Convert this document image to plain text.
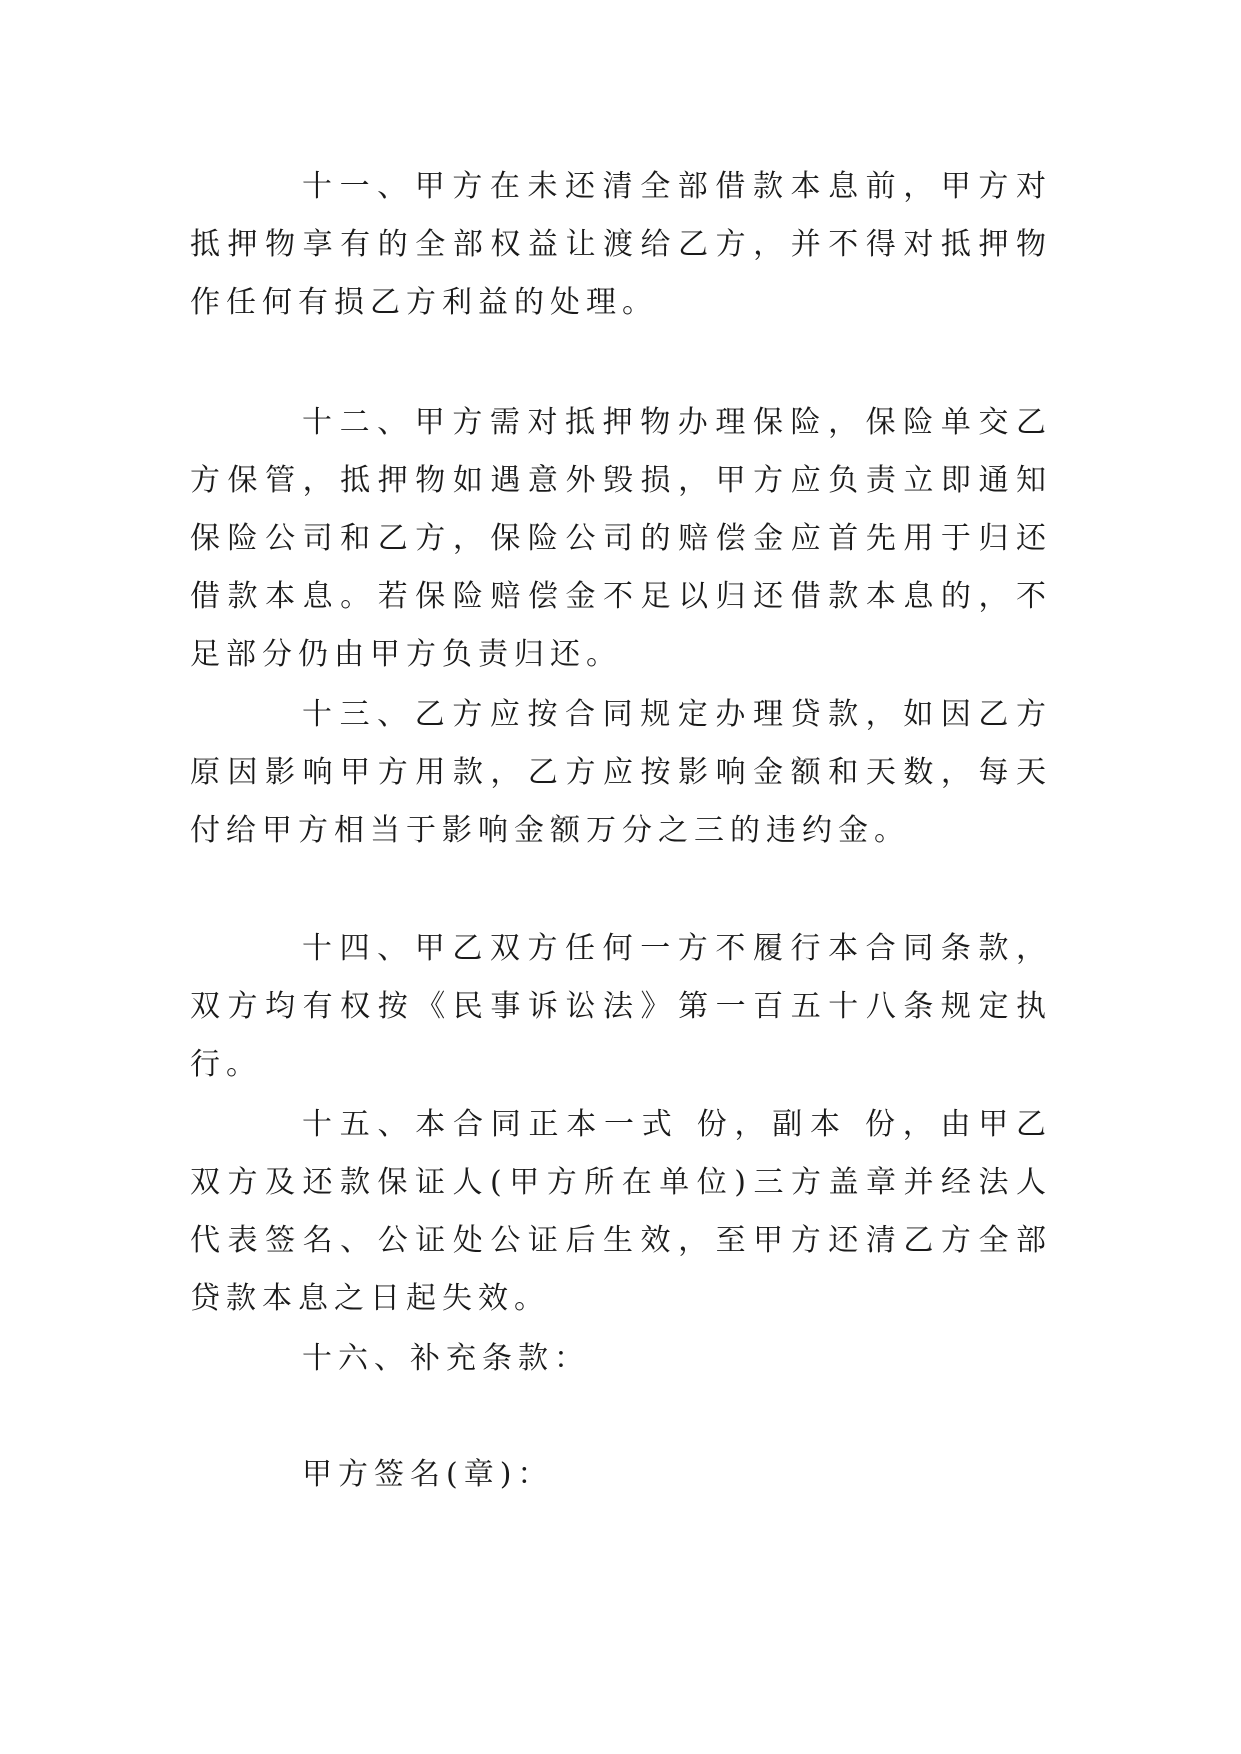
十一、甲方在未还清全部借款本息前，甲方对抵押物享有的全部权益让渡给乙方，并不得对抵押物作任何有损乙方利益的处理。

十二、甲方需对抵押物办理保险，保险单交乙方保管，抵押物如遇意外毁损，甲方应负责立即通知保险公司和乙方，保险公司的赔偿金应首先用于归还借款本息。若保险赔偿金不足以归还借款本息的，不足部分仍由甲方负责归还。

十三、乙方应按合同规定办理贷款，如因乙方原因影响甲方用款，乙方应按影响金额和天数，每天付给甲方相当于影响金额万分之三的违约金。

十四、甲乙双方任何一方不履行本合同条款，双方均有权按《民事诉讼法》第一百五十八条规定执行。

十五、本合同正本一式 份，副本 份，由甲乙双方及还款保证人(甲方所在单位)三方盖章并经法人代表签名、公证处公证后生效，至甲方还清乙方全部贷款本息之日起失效。

十六、补充条款：

甲方签名(章)：
